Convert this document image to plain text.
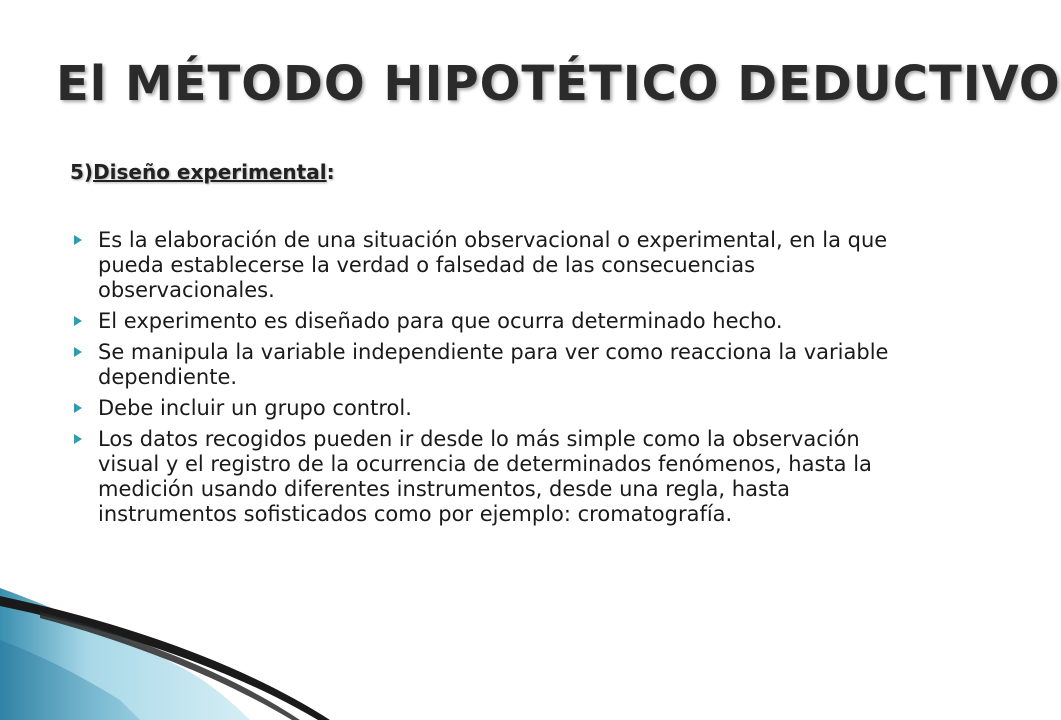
El MÉTODO HIPOTÉTICO DEDUCTIVO
5)Diseño experimental:
Es la elaboración de una situación observacional o experimental, en la que pueda establecerse la verdad o falsedad de las consecuencias observacionales.
El experimento es diseñado para que ocurra determinado hecho.
Se manipula la variable independiente para ver como reacciona la variable dependiente.
Debe incluir un grupo control.
Los datos recogidos pueden ir desde lo más simple como la observación visual y el registro de la ocurrencia de determinados fenómenos, hasta la medición usando diferentes instrumentos, desde una regla, hasta instrumentos sofisticados como por ejemplo: cromatografía.
